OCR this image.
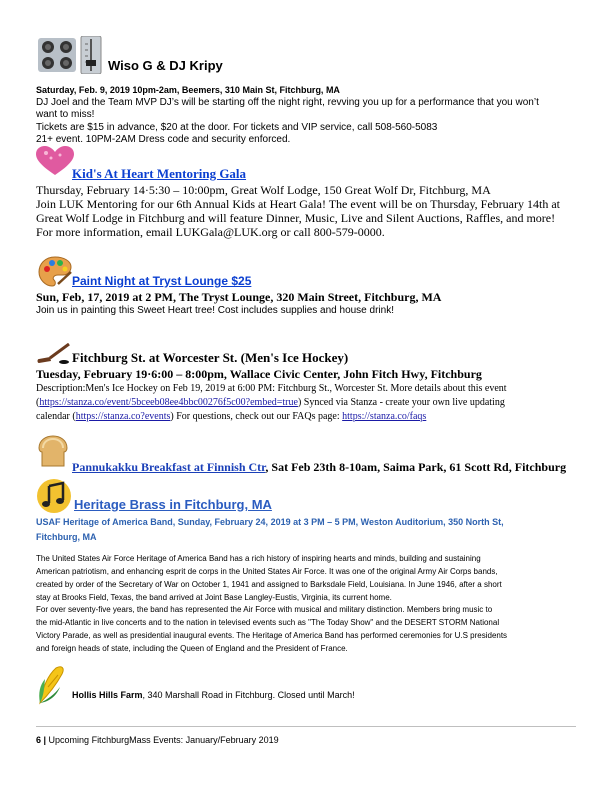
Wiso G & DJ Kripy
Saturday, Feb. 9, 2019 10pm-2am, Beemers, 310 Main St, Fitchburg, MA
DJ Joel and the Team MVP DJ’s will be starting off the night right, revving you up for a performance that you won’t
want to miss!
Tickets are $15 in advance, $20 at the door. For tickets and VIP service, call 508-560-5083
21+ event. 10PM-2AM Dress code and security enforced.
Kid's At Heart Mentoring Gala
Thursday, February 14·5:30 – 10:00pm, Great Wolf Lodge, 150 Great Wolf Dr, Fitchburg, MA
Join LUK Mentoring for our 6th Annual Kids at Heart Gala! The event will be on Thursday, February 14th at
Great Wolf Lodge in Fitchburg and will feature Dinner, Music, Live and Silent Auctions, Raffles, and more!
For more information, email LUKGala@LUK.org or call 800-579-0000.
Paint Night at Tryst Lounge $25
Sun, Feb, 17, 2019 at 2 PM, The Tryst Lounge, 320 Main Street, Fitchburg, MA
Join us in painting this Sweet Heart tree! Cost includes supplies and house drink!
Fitchburg St. at Worcester St. (Men's Ice Hockey)
Tuesday, February 19·6:00 – 8:00pm, Wallace Civic Center, John Fitch Hwy, Fitchburg
Description:Men's Ice Hockey on Feb 19, 2019 at 6:00 PM: Fitchburg St., Worcester St. More details about this event
(https://stanza.co/event/5bceeb08ee4bbc00276f5c00?embed=true) Synced via Stanza - create your own live updating
calendar (https://stanza.co?events) For questions, check out our FAQs page: https://stanza.co/faqs
Pannukakku Breakfast at Finnish Ctr, Sat Feb 23th 8-10am, Saima Park, 61 Scott Rd, Fitchburg
Heritage Brass in Fitchburg, MA
USAF Heritage of America Band, Sunday, February 24, 2019 at 3 PM – 5 PM, Weston Auditorium, 350 North St,
Fitchburg, MA
The United States Air Force Heritage of America Band has a rich history of inspiring hearts and minds, building and sustaining
American patriotism, and enhancing esprit de corps in the United States Air Force. It was one of the original Army Air Corps bands,
created by order of the Secretary of War on October 1, 1941 and assigned to Barksdale Field, Louisiana. In June 1946, after a short
stay at Brooks Field, Texas, the band arrived at Joint Base Langley-Eustis, Virginia, its current home.
For over seventy-five years, the band has represented the Air Force with musical and military distinction. Members bring music to
the mid-Atlantic in live concerts and to the nation in televised events such as "The Today Show" and the DESERT STORM National
Victory Parade, as well as presidential inaugural events. The Heritage of America Band has performed ceremonies for U.S presidents
and foreign heads of state, including the Queen of England and the President of France.
Hollis Hills Farm, 340 Marshall Road in Fitchburg. Closed until March!
6 | Upcoming FitchburgMass Events: January/February 2019
